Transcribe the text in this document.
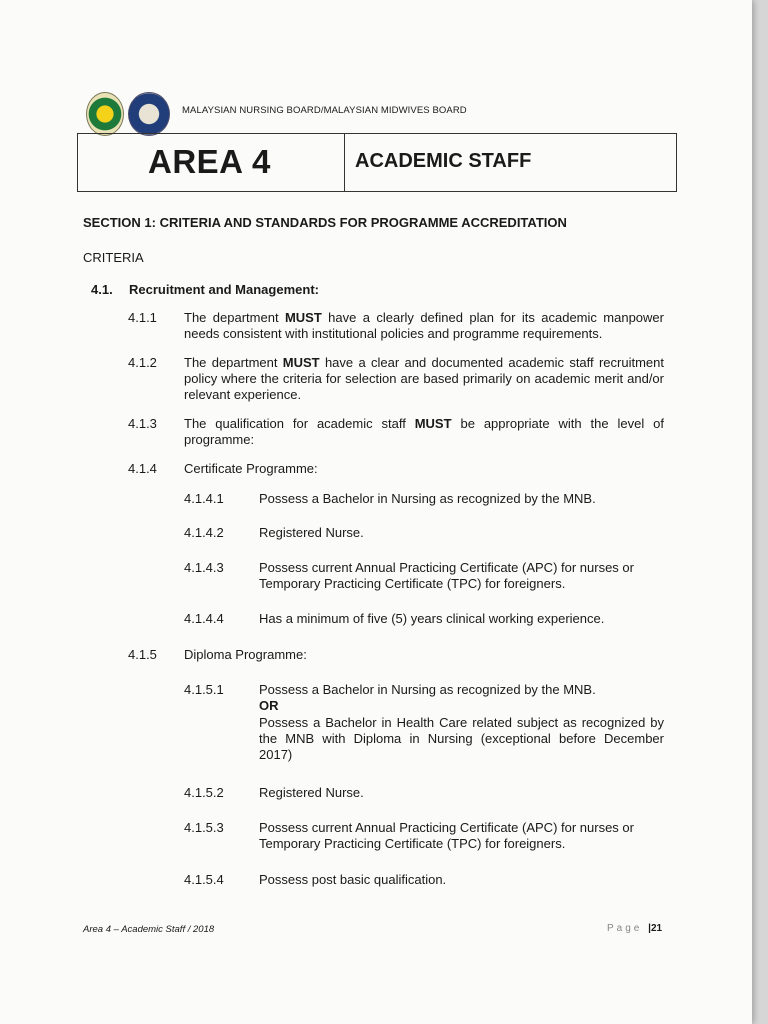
MALAYSIAN NURSING BOARD/MALAYSIAN MIDWIVES BOARD
AREA 4	ACADEMIC STAFF
SECTION 1: CRITERIA AND STANDARDS FOR PROGRAMME ACCREDITATION
CRITERIA
4.1. Recruitment and Management:
4.1.1 The department MUST have a clearly defined plan for its academic manpower needs consistent with institutional policies and programme requirements.
4.1.2 The department MUST have a clear and documented academic staff recruitment policy where the criteria for selection are based primarily on academic merit and/or relevant experience.
4.1.3 The qualification for academic staff MUST be appropriate with the level of programme:
4.1.4 Certificate Programme:
4.1.4.1	Possess a Bachelor in Nursing as recognized by the MNB.
4.1.4.2	Registered Nurse.
4.1.4.3	Possess current Annual Practicing Certificate (APC) for nurses or Temporary Practicing Certificate (TPC) for foreigners.
4.1.4.4	Has a minimum of five (5) years clinical working experience.
4.1.5 Diploma Programme:
4.1.5.1	Possess a Bachelor in Nursing as recognized by the MNB.
OR
Possess a Bachelor in Health Care related subject as recognized by the MNB with Diploma in Nursing (exceptional before December 2017)
4.1.5.2	Registered Nurse.
4.1.5.3	Possess current Annual Practicing Certificate (APC) for nurses or Temporary Practicing Certificate (TPC) for foreigners.
4.1.5.4	Possess post basic qualification.
Area 4 – Academic Staff / 2018	Page |21
